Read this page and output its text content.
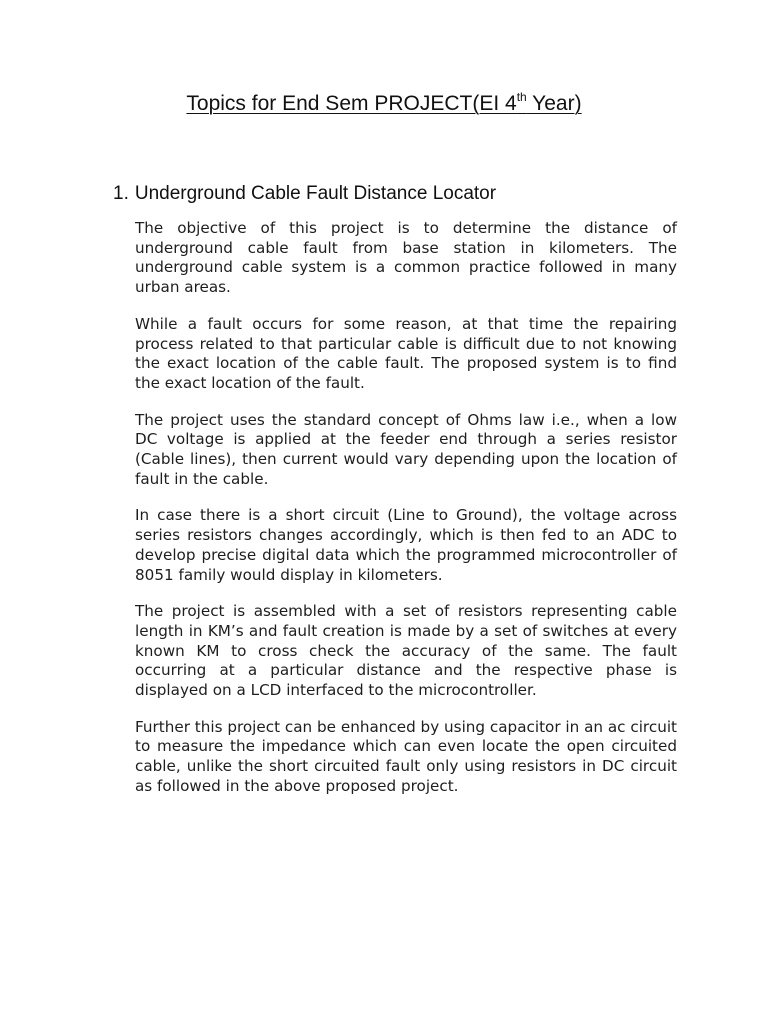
Topics for End Sem PROJECT(EI 4th Year)
1. Underground Cable Fault Distance Locator

The objective of this project is to determine the distance of underground cable fault from base station in kilometers. The underground cable system is a common practice followed in many urban areas.

While a fault occurs for some reason, at that time the repairing process related to that particular cable is difficult due to not knowing the exact location of the cable fault. The proposed system is to find the exact location of the fault.

The project uses the standard concept of Ohms law i.e., when a low DC voltage is applied at the feeder end through a series resistor (Cable lines), then current would vary depending upon the location of fault in the cable.

In case there is a short circuit (Line to Ground), the voltage across series resistors changes accordingly, which is then fed to an ADC to develop precise digital data which the programmed microcontroller of 8051 family would display in kilometers.

The project is assembled with a set of resistors representing cable length in KM’s and fault creation is made by a set of switches at every known KM to cross check the accuracy of the same. The fault occurring at a particular distance and the respective phase is displayed on a LCD interfaced to the microcontroller.

Further this project can be enhanced by using capacitor in an ac circuit to measure the impedance which can even locate the open circuited cable, unlike the short circuited fault only using resistors in DC circuit as followed in the above proposed project.
